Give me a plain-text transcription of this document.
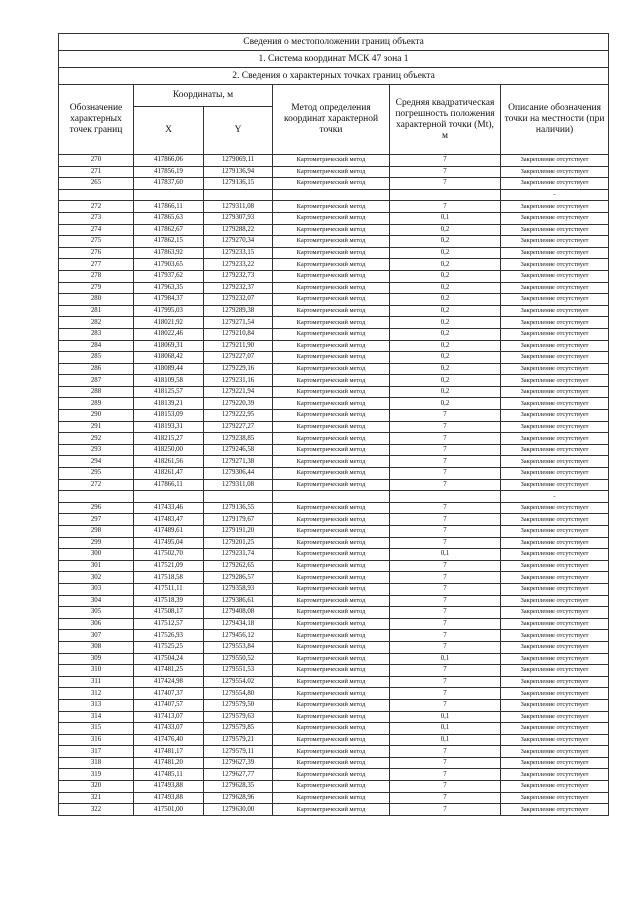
Сведения о местоположении границ объекта					
1. Система координат МСК 47 зона 1					
2. Сведения о характерных точках границ объекта					
Обозначение характерных точек границ	Координаты, м		Метод определения координат характерной точки	Средняя квадратическая погрешность положения характерной точки (Mt), м	Описание обозначения точки на местности (при наличии)
	X	Y			
270	417866,06	1279069,11	Картометрический метод	7	Закрепление отсутствует
271	417856,19	1279136,94	Картометрический метод	7	Закрепление отсутствует
265	417837,60	1279136,15	Картометрический метод	7	Закрепление отсутствует
					-
272	417866,11	1279311,08	Картометрический метод	7	Закрепление отсутствует
273	417865,63	1279307,93	Картометрический метод	0,1	Закрепление отсутствует
274	417862,67	1279288,22	Картометрический метод	0,2	Закрепление отсутствует
275	417862,15	1279270,34	Картометрический метод	0,2	Закрепление отсутствует
276	417863,92	1279233,15	Картометрический метод	0,2	Закрепление отсутствует
277	417903,65	1279233,22	Картометрический метод	0,2	Закрепление отсутствует
278	417937,62	1279232,73	Картометрический метод	0,2	Закрепление отсутствует
279	417963,35	1279232,37	Картометрический метод	0,2	Закрепление отсутствует
280	417984,37	1279232,07	Картометрический метод	0,2	Закрепление отсутствует
281	417995,03	1279289,38	Картометрический метод	0,2	Закрепление отсутствует
282	418021,92	1279271,54	Картометрический метод	0,2	Закрепление отсутствует
283	418022,46	1279210,84	Картометрический метод	0,2	Закрепление отсутствует
284	418069,31	1279211,90	Картометрический метод	0,2	Закрепление отсутствует
285	418068,42	1279227,07	Картометрический метод	0,2	Закрепление отсутствует
286	418089,44	1279229,16	Картометрический метод	0,2	Закрепление отсутствует
287	418109,58	1279231,16	Картометрический метод	0,2	Закрепление отсутствует
288	418125,57	1279221,94	Картометрический метод	0,2	Закрепление отсутствует
289	418139,21	1279220,39	Картометрический метод	0,2	Закрепление отсутствует
290	418153,09	1279222,95	Картометрический метод	7	Закрепление отсутствует
291	418193,31	1279227,27	Картометрический метод	7	Закрепление отсутствует
292	418215,27	1279238,85	Картометрический метод	7	Закрепление отсутствует
293	418250,00	1279246,58	Картометрический метод	7	Закрепление отсутствует
294	418261,56	1279271,38	Картометрический метод	7	Закрепление отсутствует
295	418261,47	1279306,44	Картометрический метод	7	Закрепление отсутствует
272	417866,11	1279311,08	Картометрический метод	7	Закрепление отсутствует
					-
296	417433,46	1279136,55	Картометрический метод	7	Закрепление отсутствует
297	417483,47	1279179,67	Картометрический метод	7	Закрепление отсутствует
298	417489,61	1279191,20	Картометрический метод	7	Закрепление отсутствует
299	417495,04	1279201,25	Картометрический метод	7	Закрепление отсутствует
300	417502,70	1279231,74	Картометрический метод	0,1	Закрепление отсутствует
301	417521,09	1279262,65	Картометрический метод	7	Закрепление отсутствует
302	417518,58	1279286,57	Картометрический метод	7	Закрепление отсутствует
303	417511,11	1279358,93	Картометрический метод	7	Закрепление отсутствует
304	417518,39	1279386,61	Картометрический метод	7	Закрепление отсутствует
305	417508,17	1279408,08	Картометрический метод	7	Закрепление отсутствует
306	417512,57	1279434,18	Картометрический метод	7	Закрепление отсутствует
307	417526,93	1279456,12	Картометрический метод	7	Закрепление отсутствует
308	417525,25	1279553,84	Картометрический метод	7	Закрепление отсутствует
309	417504,24	1279550,52	Картометрический метод	0,1	Закрепление отсутствует
310	417481,25	1279551,53	Картометрический метод	7	Закрепление отсутствует
311	417424,98	1279554,02	Картометрический метод	7	Закрепление отсутствует
312	417407,37	1279554,80	Картометрический метод	7	Закрепление отсутствует
313	417407,57	1279579,50	Картометрический метод	7	Закрепление отсутствует
314	417413,07	1279579,63	Картометрический метод	0,1	Закрепление отсутствует
315	417433,07	1279579,85	Картометрический метод	0,1	Закрепление отсутствует
316	417476,40	1279579,21	Картометрический метод	0,1	Закрепление отсутствует
317	417481,17	1279579,11	Картометрический метод	7	Закрепление отсутствует
318	417481,20	1279627,39	Картометрический метод	7	Закрепление отсутствует
319	417485,11	1279627,77	Картометрический метод	7	Закрепление отсутствует
320	417493,88	1279628,35	Картометрический метод	7	Закрепление отсутствует
321	417493,88	1279628,96	Картометрический метод	7	Закрепление отсутствует
322	417501,00	1279630,00	Картометрический метод	7	Закрепление отсутствует
